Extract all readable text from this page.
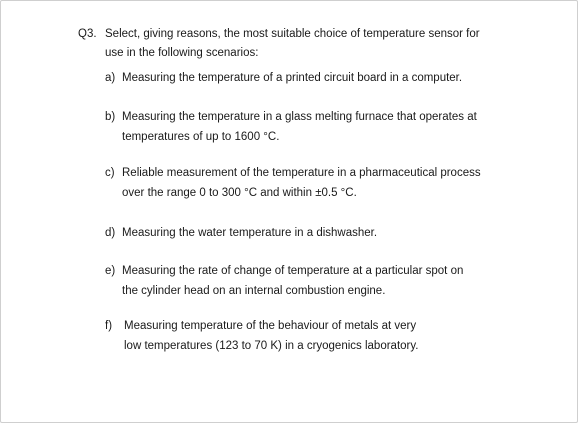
Q3. Select, giving reasons, the most suitable choice of temperature sensor for
use in the following scenarios:
a) Measuring the temperature of a printed circuit board in a computer.
b) Measuring the temperature in a glass melting furnace that operates at
temperatures of up to 1600 °C.
c) Reliable measurement of the temperature in a pharmaceutical process
over the range 0 to 300 °C and within ±0.5 °C.
d) Measuring the water temperature in a dishwasher.
e) Measuring the rate of change of temperature at a particular spot on
the cylinder head on an internal combustion engine.
f) Measuring temperature of the behaviour of metals at very
low temperatures (123 to 70 K) in a cryogenics laboratory.
